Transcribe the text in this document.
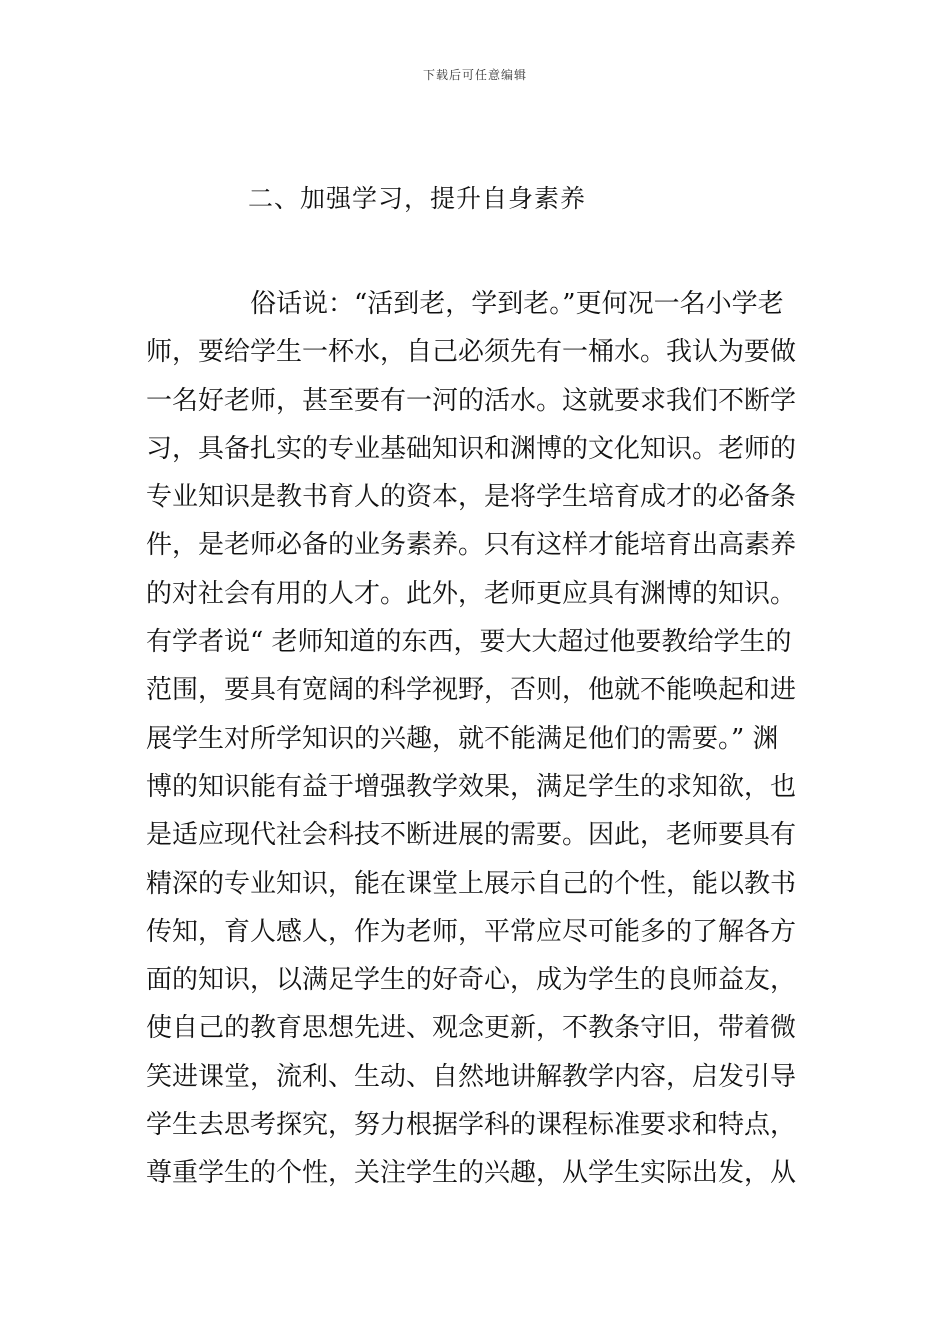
下载后可任意编辑
二、加强学习，提升自身素养
俗话说：“活到老，学到老。”更何况一名小学老
师，要给学生一杯水，自己必须先有一桶水。我认为要做
一名好老师，甚至要有一河的活水。这就要求我们不断学
习，具备扎实的专业基础知识和渊博的文化知识。老师的
专业知识是教书育人的资本，是将学生培育成才的必备条
件，是老师必备的业务素养。只有这样才能培育出高素养
的对社会有用的人才。此外，老师更应具有渊博的知识。
有学者说“ 老师知道的东西，要大大超过他要教给学生的
范围，要具有宽阔的科学视野，否则，他就不能唤起和进
展学生对所学知识的兴趣，就不能满足他们的需要。” 渊
博的知识能有益于增强教学效果，满足学生的求知欲，也
是适应现代社会科技不断进展的需要。因此，老师要具有
精深的专业知识，能在课堂上展示自己的个性，能以教书
传知，育人感人，作为老师，平常应尽可能多的了解各方
面的知识，以满足学生的好奇心，成为学生的良师益友，
使自己的教育思想先进、观念更新，不教条守旧，带着微
笑进课堂，流利、生动、自然地讲解教学内容，启发引导
学生去思考探究，努力根据学科的课程标准要求和特点，
尊重学生的个性，关注学生的兴趣，从学生实际出发，从
